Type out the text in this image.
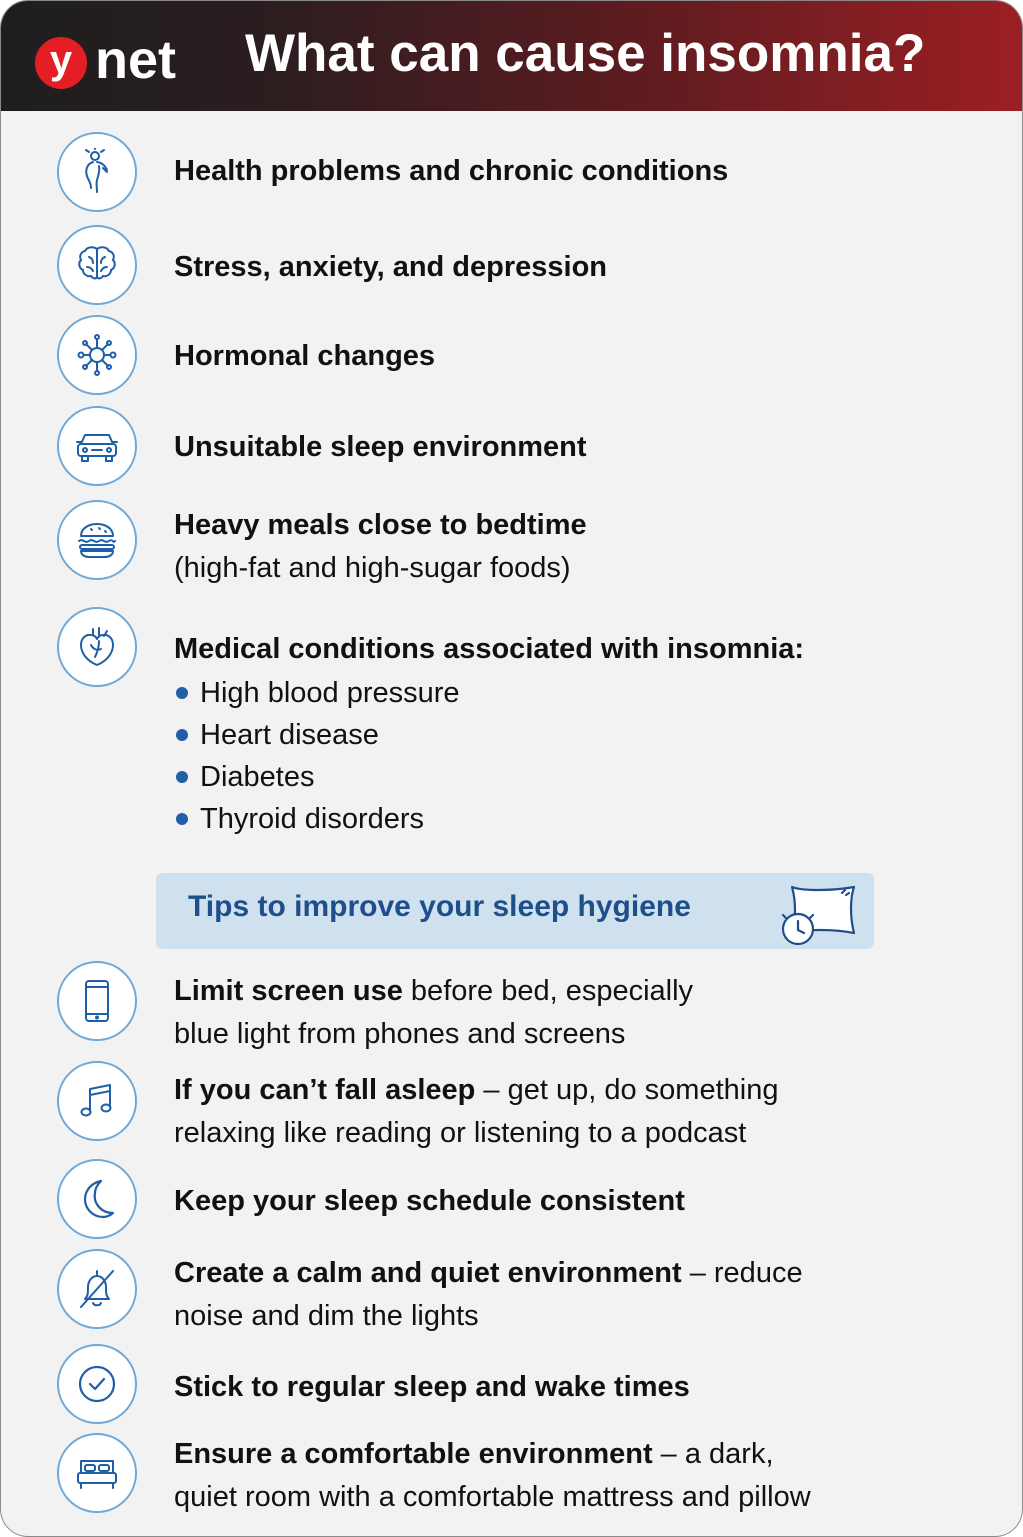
y net What can cause insomnia?
Health problems and chronic conditions
Stress, anxiety, and depression
Hormonal changes
Unsuitable sleep environment
Heavy meals close to bedtime
(high-fat and high-sugar foods)
Medical conditions associated with insomnia:
High blood pressure
Heart disease
Diabetes
Thyroid disorders
Tips to improve your sleep hygiene
Limit screen use before bed, especially
blue light from phones and screens
If you can’t fall asleep – get up, do something
relaxing like reading or listening to a podcast
Keep your sleep schedule consistent
Create a calm and quiet environment – reduce
noise and dim the lights
Stick to regular sleep and wake times
Ensure a comfortable environment – a dark,
quiet room with a comfortable mattress and pillow
